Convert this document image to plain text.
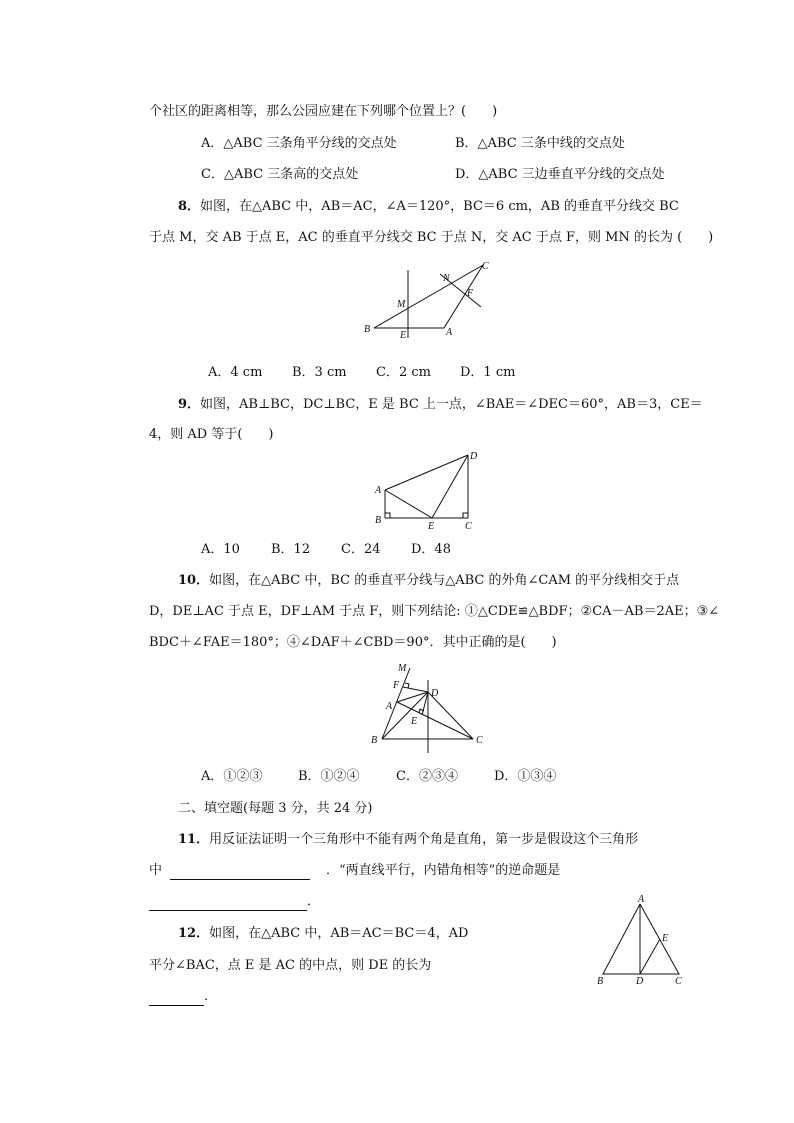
个社区的距离相等，那么公园应建在下列哪个位置上？(　　)
A．△ABC 三条角平分线的交点处	B．△ABC 三条中线的交点处
C．△ABC 三条高的交点处	D．△ABC 三边垂直平分线的交点处
8．如图，在△ABC 中，AB＝AC，∠A＝120°，BC＝6 cm，AB 的垂直平分线交 BC
于点 M，交 AB 于点 E，AC 的垂直平分线交 BC 于点 N，交 AC 于点 F，则 MN 的长为 (　　)
B
E	A
M
N
F
C
A．4 cm B．3 cm C．2 cm D．1 cm
9．如图，AB⊥BC，DC⊥BC，E 是 BC 上一点，∠BAE＝∠DEC＝60°，AB＝3，CE＝
4，则 AD 等于(　　)
A
B
E	C
D
A．10 B．12 C．24 D．48
10．如图，在△ABC 中，BC 的垂直平分线与△ABC 的外角∠CAM 的平分线相交于点
D，DE⊥AC 于点 E，DF⊥AM 于点 F，则下列结论: ①△CDE≌△BDF；②CA－AB＝2AE；③∠
BDC＋∠FAE＝180°；④∠DAF＋∠CBD＝90°．其中正确的是(　　)
M
F
D
A
E
B	C
A．①②③	B．①②④	C．②③④	D．①③④
二、填空题(每题 3 分，共 24 分)
11．用反证法证明一个三角形中不能有两个角是直角，第一步是假设这个三角形
中	．“两直线平行，内错角相等”的逆命题是
．
12．如图，在△ABC 中，AB＝AC＝BC＝4，AD
平分∠BAC，点 E 是 AC 的中点，则 DE 的长为
．
A
E
B	D	C
